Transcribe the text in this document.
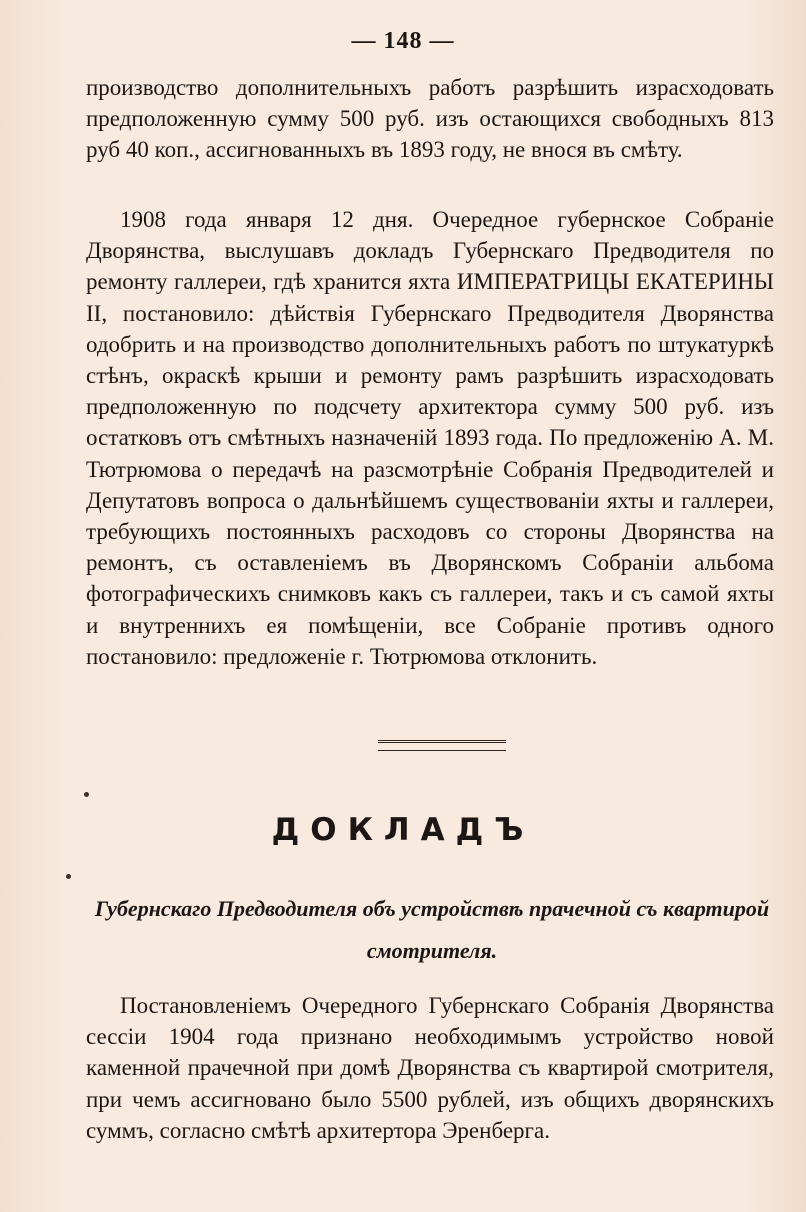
— 148 —

производство дополнительныхъ работъ разрѣшить израсходовать предположенную сумму 500 руб. изъ остающихся свободныхъ 813 руб 40 коп., ассигнованныхъ въ 1893 году, не внося въ смѣту.

1908 года января 12 дня. Очередное губернское Собраніе Дворянства, выслушавъ докладъ Губернскаго Предводителя по ремонту галлереи, гдѣ хранится яхта ИМПЕРАТРИЦЫ ЕКАТЕРИНЫ II, постановило: дѣйствія Губернскаго Предводителя Дворянства одобрить и на производство дополнительныхъ работъ по штукатуркѣ стѣнъ, окраскѣ крыши и ремонту рамъ разрѣшить израсходовать предположенную по подсчету архитектора сумму 500 руб. изъ остатковъ отъ смѣтныхъ назначеній 1893 года. По предложенію А. М. Тютрюмова о передачѣ на разсмотрѣніе Собранія Предводителей и Депутатовъ вопроса о дальнѣйшемъ существованіи яхты и галлереи, требующихъ постоянныхъ расходовъ со стороны Дворянства на ремонтъ, съ оставленіемъ въ Дворянскомъ Собраніи альбома фотографическихъ снимковъ какъ съ галлереи, такъ и съ самой яхты и внутреннихъ ея помѣщеніи, все Собраніе противъ одного постановило: предложеніе г. Тютрюмова отклонить.

ДОКЛАДЪ
Губернскаго Предводителя объ устройствѣ прачечной съ квартирой смотрителя.

Постановленіемъ Очередного Губернскаго Собранія Дворянства сессіи 1904 года признано необходимымъ устройство новой каменной прачечной при домѣ Дворянства съ квартирой смотрителя, при чемъ ассигновано было 5500 рублей, изъ общихъ дворянскихъ суммъ, согласно смѣтѣ архитертора Эренберга.
